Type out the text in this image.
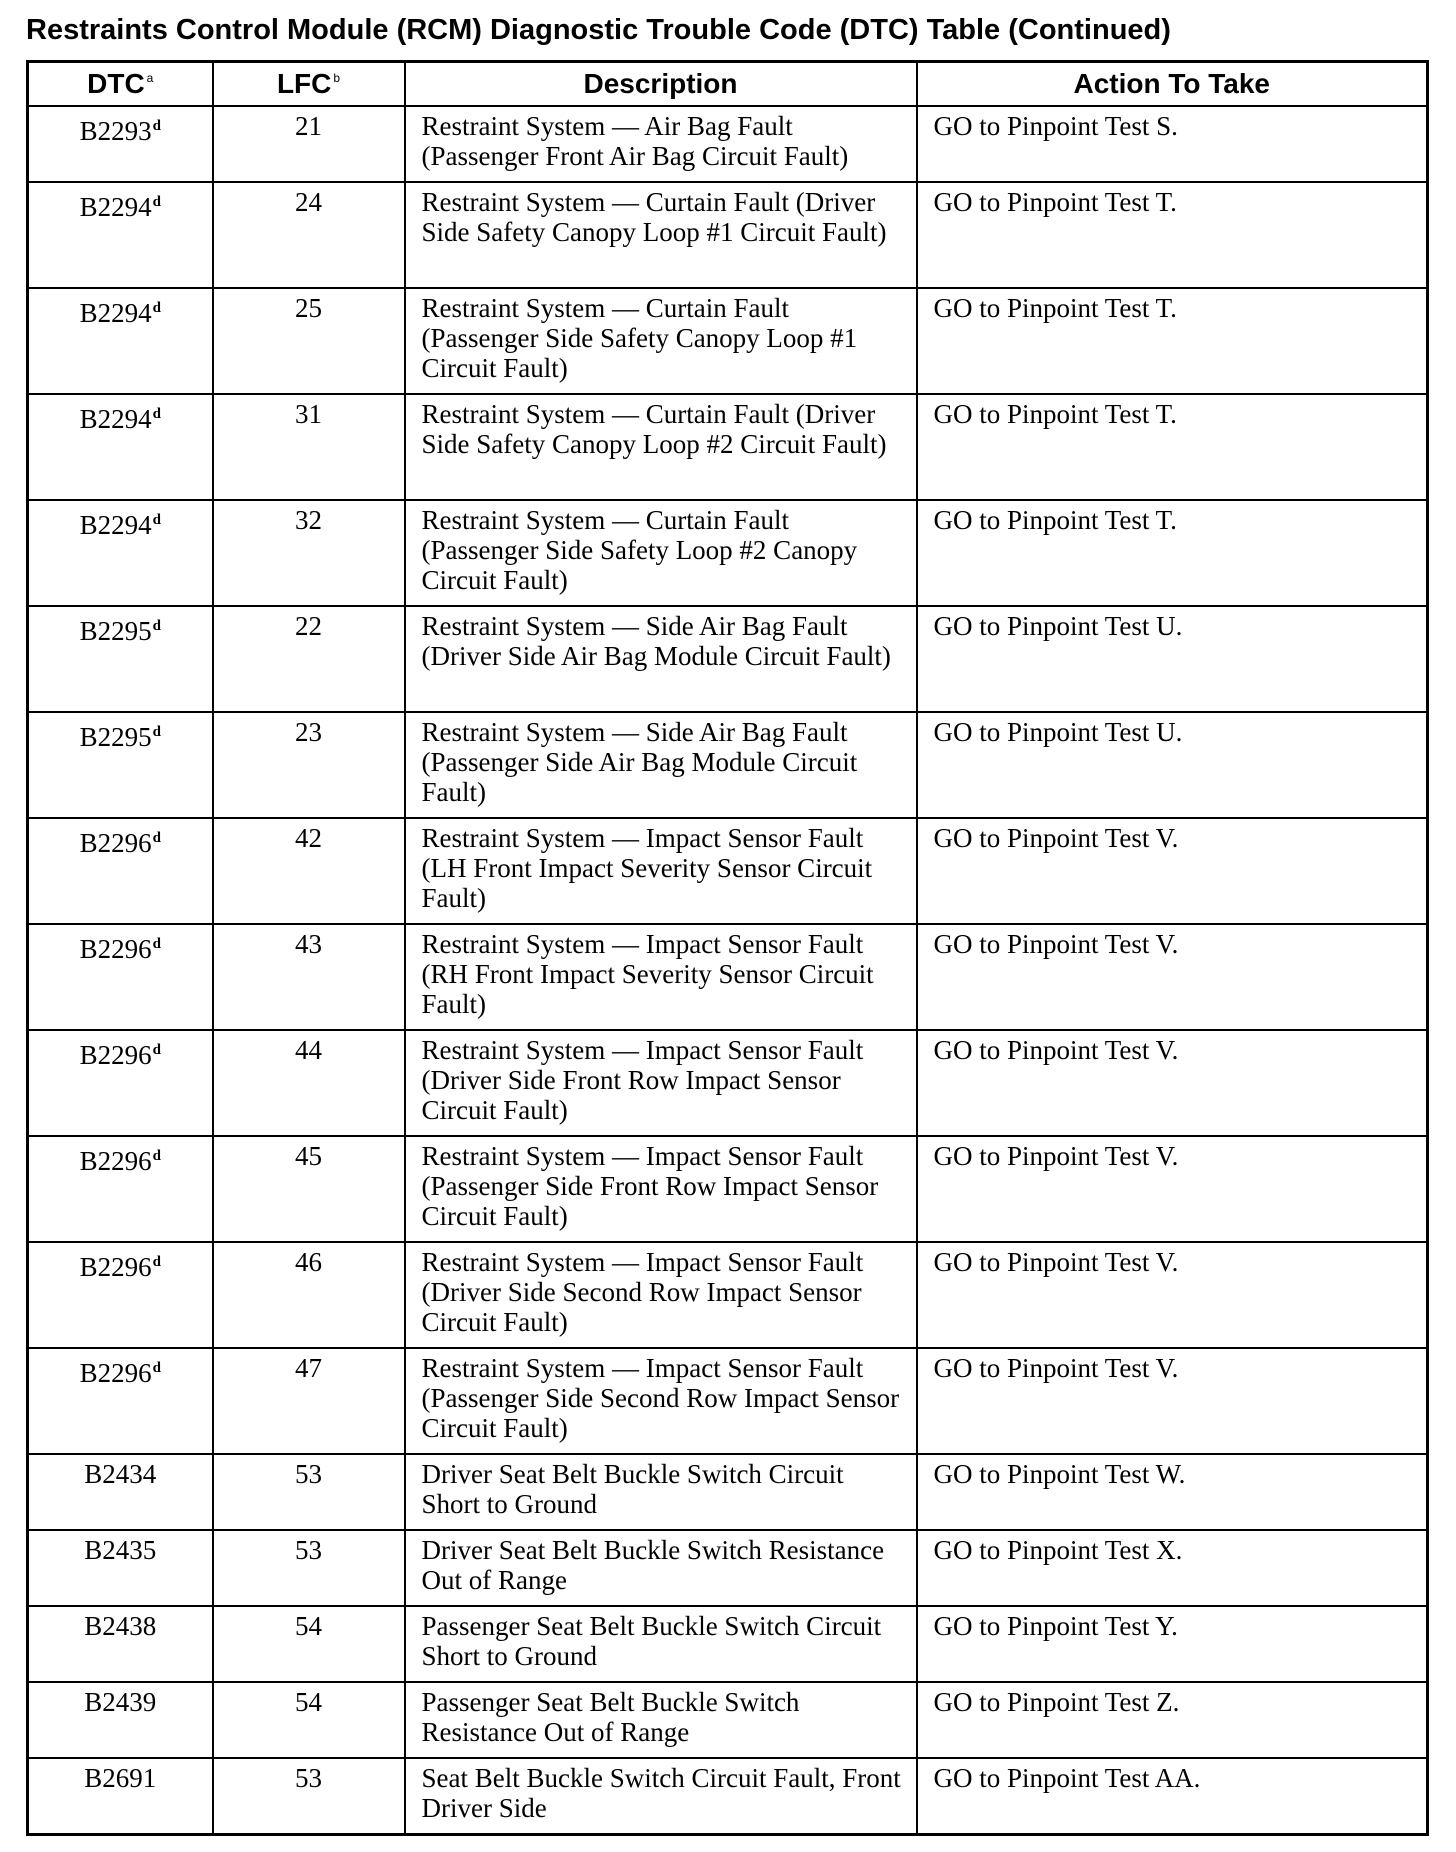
Restraints Control Module (RCM) Diagnostic Trouble Code (DTC) Table (Continued)
DTC $^a$	LFC $^b$	Description	Action To Take
B2293$^d$	21	Restraint System — Air Bag Fault (Passenger Front Air Bag Circuit Fault)	GO to Pinpoint Test S.
B2294$^d$	24	Restraint System — Curtain Fault (Driver Side Safety Canopy Loop #1 Circuit Fault)	GO to Pinpoint Test T.
B2294$^d$	25	Restraint System — Curtain Fault (Passenger Side Safety Canopy Loop #1 Circuit Fault)	GO to Pinpoint Test T.
B2294$^d$	31	Restraint System — Curtain Fault (Driver Side Safety Canopy Loop #2 Circuit Fault)	GO to Pinpoint Test T.
B2294$^d$	32	Restraint System — Curtain Fault (Passenger Side Safety Loop #2 Canopy Circuit Fault)	GO to Pinpoint Test T.
B2295$^d$	22	Restraint System — Side Air Bag Fault (Driver Side Air Bag Module Circuit Fault)	GO to Pinpoint Test U.
B2295$^d$	23	Restraint System — Side Air Bag Fault (Passenger Side Air Bag Module Circuit Fault)	GO to Pinpoint Test U.
B2296$^d$	42	Restraint System — Impact Sensor Fault (LH Front Impact Severity Sensor Circuit Fault)	GO to Pinpoint Test V.
B2296$^d$	43	Restraint System — Impact Sensor Fault (RH Front Impact Severity Sensor Circuit Fault)	GO to Pinpoint Test V.
B2296$^d$	44	Restraint System — Impact Sensor Fault (Driver Side Front Row Impact Sensor Circuit Fault)	GO to Pinpoint Test V.
B2296$^d$	45	Restraint System — Impact Sensor Fault (Passenger Side Front Row Impact Sensor Circuit Fault)	GO to Pinpoint Test V.
B2296$^d$	46	Restraint System — Impact Sensor Fault (Driver Side Second Row Impact Sensor Circuit Fault)	GO to Pinpoint Test V.
B2296$^d$	47	Restraint System — Impact Sensor Fault (Passenger Side Second Row Impact Sensor Circuit Fault)	GO to Pinpoint Test V.
B2434	53	Driver Seat Belt Buckle Switch Circuit Short to Ground	GO to Pinpoint Test W.
B2435	53	Driver Seat Belt Buckle Switch Resistance Out of Range	GO to Pinpoint Test X.
B2438	54	Passenger Seat Belt Buckle Switch Circuit Short to Ground	GO to Pinpoint Test Y.
B2439	54	Passenger Seat Belt Buckle Switch Resistance Out of Range	GO to Pinpoint Test Z.
B2691	53	Seat Belt Buckle Switch Circuit Fault, Front Driver Side	GO to Pinpoint Test AA.
